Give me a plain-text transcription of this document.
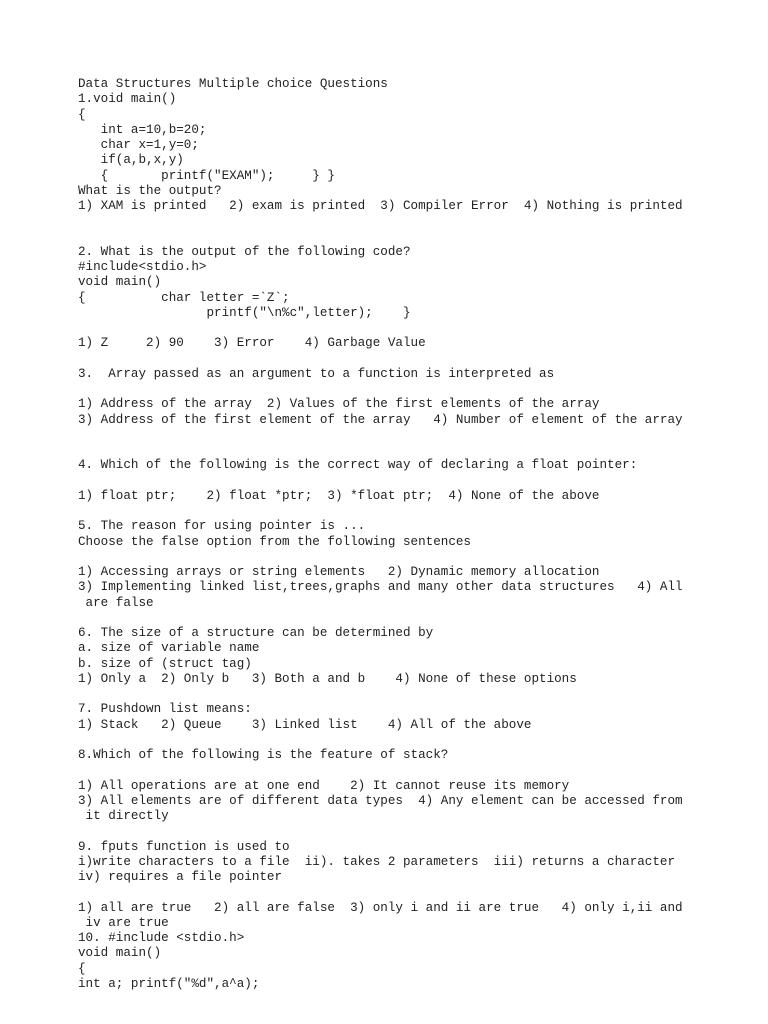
Data Structures Multiple choice Questions
1.void main()
{
int a=10,b=20;
char x=1,y=0;
if(a,b,x,y)
{       printf("EXAM");     } }
What is the output?
1) XAM is printed   2) exam is printed  3) Compiler Error  4) Nothing is printed
2. What is the output of the following code?
#include<stdio.h>
void main()
{          char letter =`Z`;
printf("\n%c",letter);    }
1) Z     2) 90    3) Error    4) Garbage Value
3.  Array passed as an argument to a function is interpreted as
1) Address of the array  2) Values of the first elements of the array
3) Address of the first element of the array   4) Number of element of the array
4. Which of the following is the correct way of declaring a float pointer:
1) float ptr;    2) float *ptr;  3) *float ptr;  4) None of the above
5. The reason for using pointer is ...
Choose the false option from the following sentences
1) Accessing arrays or string elements   2) Dynamic memory allocation
3) Implementing linked list,trees,graphs and many other data structures   4) All
are false
6. The size of a structure can be determined by
a. size of variable name
b. size of (struct tag)
1) Only a  2) Only b   3) Both a and b    4) None of these options
7. Pushdown list means:
1) Stack   2) Queue    3) Linked list    4) All of the above
8.Which of the following is the feature of stack?
1) All operations are at one end    2) It cannot reuse its memory
3) All elements are of different data types  4) Any element can be accessed from
it directly
9. fputs function is used to
i)write characters to a file  ii). takes 2 parameters  iii) returns a character
iv) requires a file pointer
1) all are true   2) all are false  3) only i and ii are true   4) only i,ii and
iv are true
10. #include <stdio.h>
void main()
{
int a; printf("%d",a^a);
